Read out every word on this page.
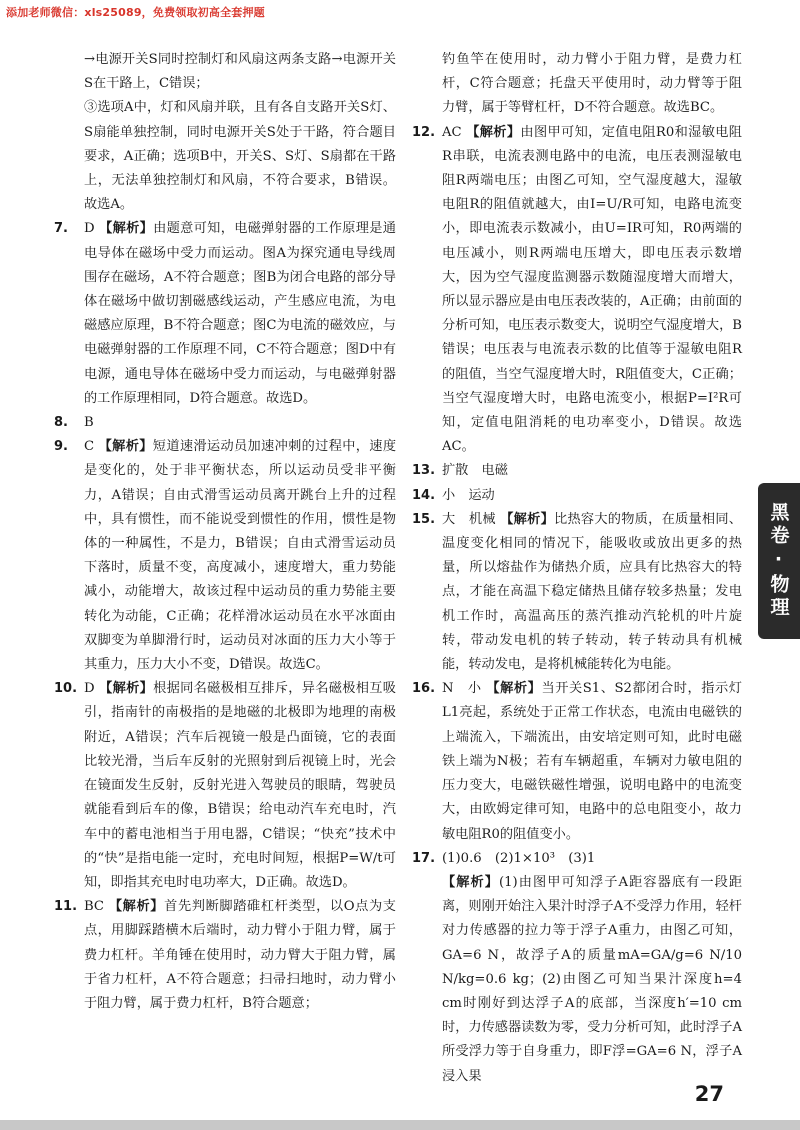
添加老师微信：xls25089，免费领取初高全套押题

→电源开关S同时控制灯和风扇这两条支路→电源开关S在干路上，C错误；

③选项A中，灯和风扇并联，且有各自支路开关S灯、S扇能单独控制，同时电源开关S处于干路，符合题目要求，A正确；选项B中，开关S、S灯、S扇都在干路上，无法单独控制灯和风扇，不符合要求，B错误。故选A。

7. D 【解析】由题意可知，电磁弹射器的工作原理是通电导体在磁场中受力而运动。图A为探究通电导线周围存在磁场，A不符合题意；图B为闭合电路的部分导体在磁场中做切割磁感线运动，产生感应电流，为电磁感应原理，B不符合题意；图C为电流的磁效应，与电磁弹射器的工作原理不同，C不符合题意；图D中有电源，通电导体在磁场中受力而运动，与电磁弹射器的工作原理相同，D符合题意。故选D。

8. B

9. C 【解析】短道速滑运动员加速冲刺的过程中，速度是变化的，处于非平衡状态，所以运动员受非平衡力，A错误；自由式滑雪运动员离开跳台上升的过程中，具有惯性，而不能说受到惯性的作用，惯性是物体的一种属性，不是力，B错误；自由式滑雪运动员下落时，质量不变，高度减小，速度增大，重力势能减小，动能增大，故该过程中运动员的重力势能主要转化为动能，C正确；花样滑冰运动员在水平冰面由双脚变为单脚滑行时，运动员对冰面的压力大小等于其重力，压力大小不变，D错误。故选C。

10. D 【解析】根据同名磁极相互排斥，异名磁极相互吸引，指南针的南极指的是地磁的北极即为地理的南极附近，A错误；汽车后视镜一般是凸面镜，它的表面比较光滑，当后车反射的光照射到后视镜上时，光会在镜面发生反射，反射光进入驾驶员的眼睛，驾驶员就能看到后车的像，B错误；给电动汽车充电时，汽车中的蓄电池相当于用电器，C错误；“快充”技术中的“快”是指电能一定时，充电时间短，根据P=W/t可知，即指其充电时电功率大，D正确。故选D。

11. BC 【解析】首先判断脚踏碓杠杆类型，以O点为支点，用脚踩踏横木后端时，动力臂小于阻力臂，属于费力杠杆。羊角锤在使用时，动力臂大于阻力臂，属于省力杠杆，A不符合题意；扫帚扫地时，动力臂小于阻力臂，属于费力杠杆，B符合题意；

钓鱼竿在使用时，动力臂小于阻力臂，是费力杠杆，C符合题意；托盘天平使用时，动力臂等于阻力臂，属于等臂杠杆，D不符合题意。故选BC。

12. AC 【解析】由图甲可知，定值电阻R0和湿敏电阻R串联，电流表测电路中的电流，电压表测湿敏电阻R两端电压；由图乙可知，空气湿度越大，湿敏电阻R的阻值就越大，由I=U/R可知，电路电流变小，即电流表示数减小，由U=IR可知，R0两端的电压减小，则R两端电压增大，即电压表示数增大，因为空气湿度监测器示数随湿度增大而增大，所以显示器应是由电压表改装的，A正确；由前面的分析可知，电压表示数变大，说明空气湿度增大，B错误；电压表与电流表示数的比值等于湿敏电阻R的阻值，当空气湿度增大时，R阻值变大，C正确；当空气湿度增大时，电路电流变小，根据P=I²R可知，定值电阻消耗的电功率变小，D错误。故选AC。

13. 扩散　电磁

14. 小　运动

15. 大　机械 【解析】比热容大的物质，在质量相同、温度变化相同的情况下，能吸收或放出更多的热量，所以熔盐作为储热介质，应具有比热容大的特点，才能在高温下稳定储热且储存较多热量；发电机工作时，高温高压的蒸汽推动汽轮机的叶片旋转，带动发电机的转子转动，转子转动具有机械能，转动发电，是将机械能转化为电能。

16. N　小 【解析】当开关S1、S2都闭合时，指示灯L1亮起，系统处于正常工作状态，电流由电磁铁的上端流入，下端流出，由安培定则可知，此时电磁铁上端为N极；若有车辆超重，车辆对力敏电阻的压力变大，电磁铁磁性增强，说明电路中的电流变大，由欧姆定律可知，电路中的总电阻变小，故力敏电阻R0的阻值变小。

17. (1)0.6　(2)1×10³　(3)1

【解析】(1)由图甲可知浮子A距容器底有一段距离，则刚开始注入果汁时浮子A不受浮力作用，轻杆对力传感器的拉力等于浮子A重力，由图乙可知，GA=6 N，故浮子A的质量mA=GA/g=6 N/10 N/kg=0.6 kg；(2)由图乙可知当果汁深度h=4 cm时刚好到达浮子A的底部，当深度h′=10 cm时，力传感器读数为零，受力分析可知，此时浮子A所受浮力等于自身重力，即F浮=GA=6 N，浮子A浸入果

黑卷·物理
27
